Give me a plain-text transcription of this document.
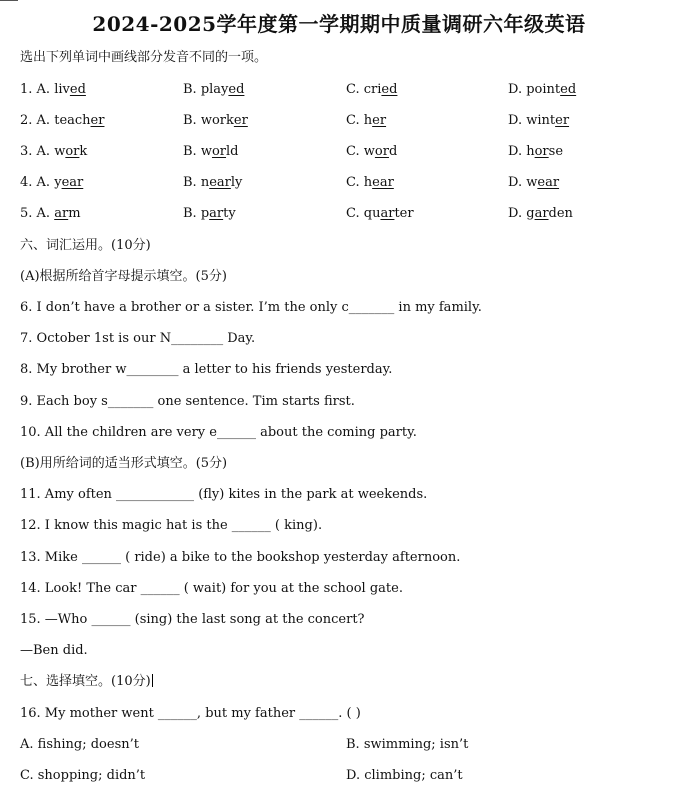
2024-2025学年度第一学期期中质量调研六年级英语
选出下列单词中画线部分发音不同的一项。
1. A. lived	B. played	C. cried	D. pointed
2. A. teacher	B. worker	C. her	D. winter
3. A. work	B. world	C. word	D. horse
4. A. year	B. nearly	C. hear	D. wear
5. A. arm	B. party	C. quarter	D. garden
六、词汇运用。(10分)
(A)根据所给首字母提示填空。(5分)
6. I don’t have a brother or a sister. I’m the only c_______ in my family.
7. October 1st is our N________ Day.
8. My brother w________ a letter to his friends yesterday.
9. Each boy s_______ one sentence. Tim starts first.
10. All the children are very e______ about the coming party.
(B)用所给词的适当形式填空。(5分)
11. Amy often ____________ (fly) kites in the park at weekends.
12. I know this magic hat is the ______ ( king).
13. Mike ______ ( ride) a bike to the bookshop yesterday afternoon.
14. Look! The car ______ ( wait) for you at the school gate.
15. —Who ______ (sing) the last song at the concert?
—Ben did.
七、选择填空。(10分)
16. My mother went ______, but my father ______. ( )
A. fishing; doesn’t	B. swimming; isn’t
C. shopping; didn’t	D. climbing; can’t
